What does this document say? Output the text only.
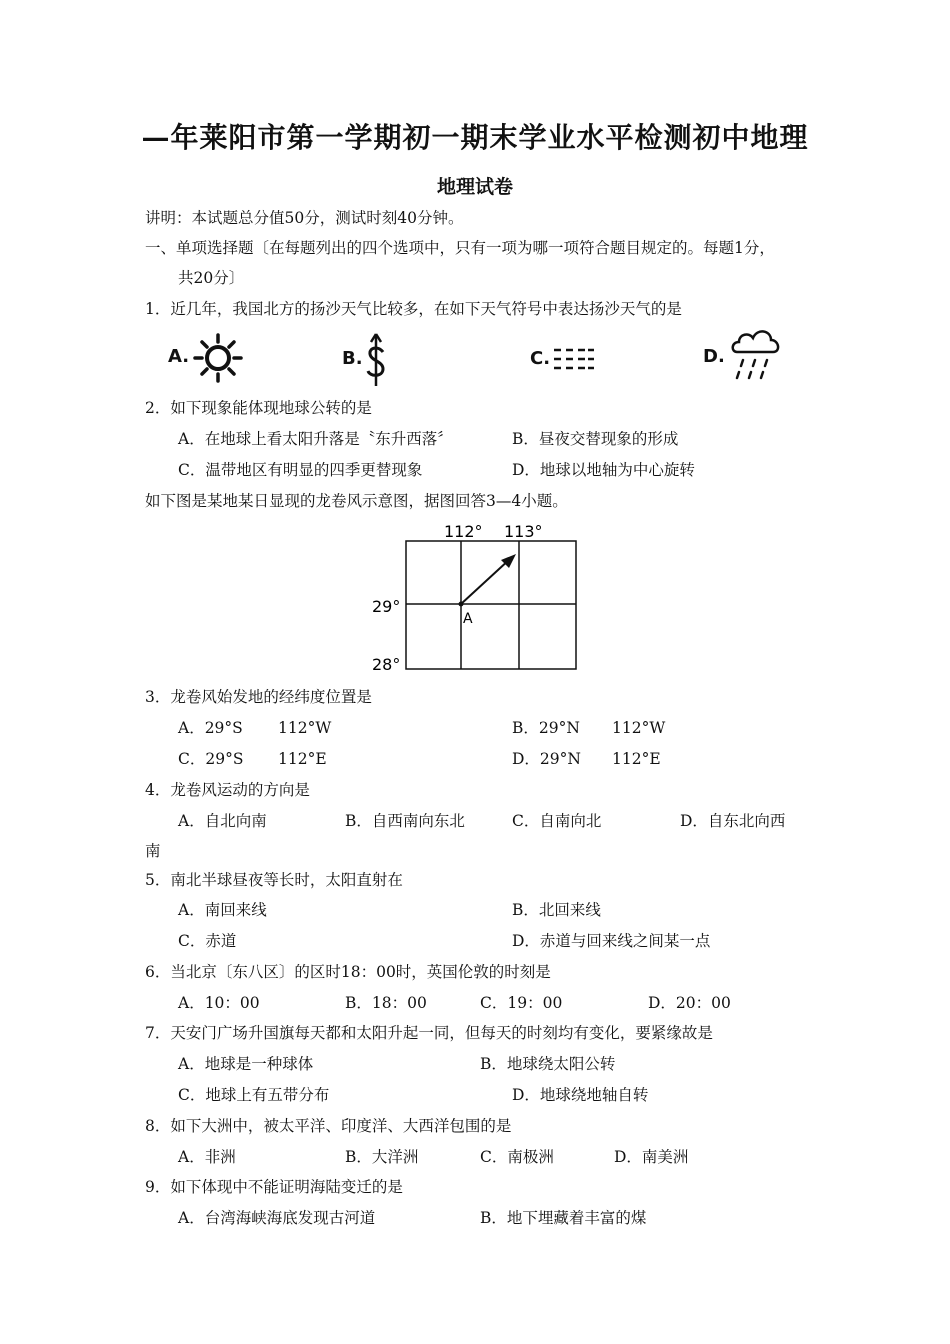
—年莱阳市第一学期初一期末学业水平检测初中地理
地理试卷
讲明：本试题总分值50分，测试时刻40分钟。
一、单项选择题〔在每题列出的四个选项中，只有一项为哪一项符合题目规定的。每题1分，
共20分〕
1．近几年，我国北方的扬沙天气比较多，在如下天气符号中表达扬沙天气的是
A.	B.	C.	D.
2．如下现象能体现地球公转的是
A．在地球上看太阳升落是〝东升西落〞	B．昼夜交替现象的形成
C．温带地区有明显的四季更替现象	D．地球以地轴为中心旋转
如下图是某地某日显现的龙卷风示意图，据图回答3—4小题。
112° 113°
29°
28°
A
3．龙卷风始发地的经纬度位置是
A．29°S 112°W	B．29°N 112°W
C．29°S 112°E	D．29°N 112°E
4．龙卷风运动的方向是
A．自北向南	B．自西南向东北	C．自南向北	D．自东北向西
南
5．南北半球昼夜等长时，太阳直射在
A．南回来线	B．北回来线
C．赤道	D．赤道与回来线之间某一点
6．当北京〔东八区〕的区时18：00时，英国伦敦的时刻是
A．10：00	B．18：00	C．19：00	D．20：00
7．天安门广场升国旗每天都和太阳升起一同，但每天的时刻均有变化，要紧缘故是
A．地球是一种球体	B．地球绕太阳公转
C．地球上有五带分布	D．地球绕地轴自转
8．如下大洲中，被太平洋、印度洋、大西洋包围的是
A．非洲	B．大洋洲	C．南极洲	D．南美洲
9．如下体现中不能证明海陆变迁的是
A．台湾海峡海底发现古河道	B．地下埋藏着丰富的煤
